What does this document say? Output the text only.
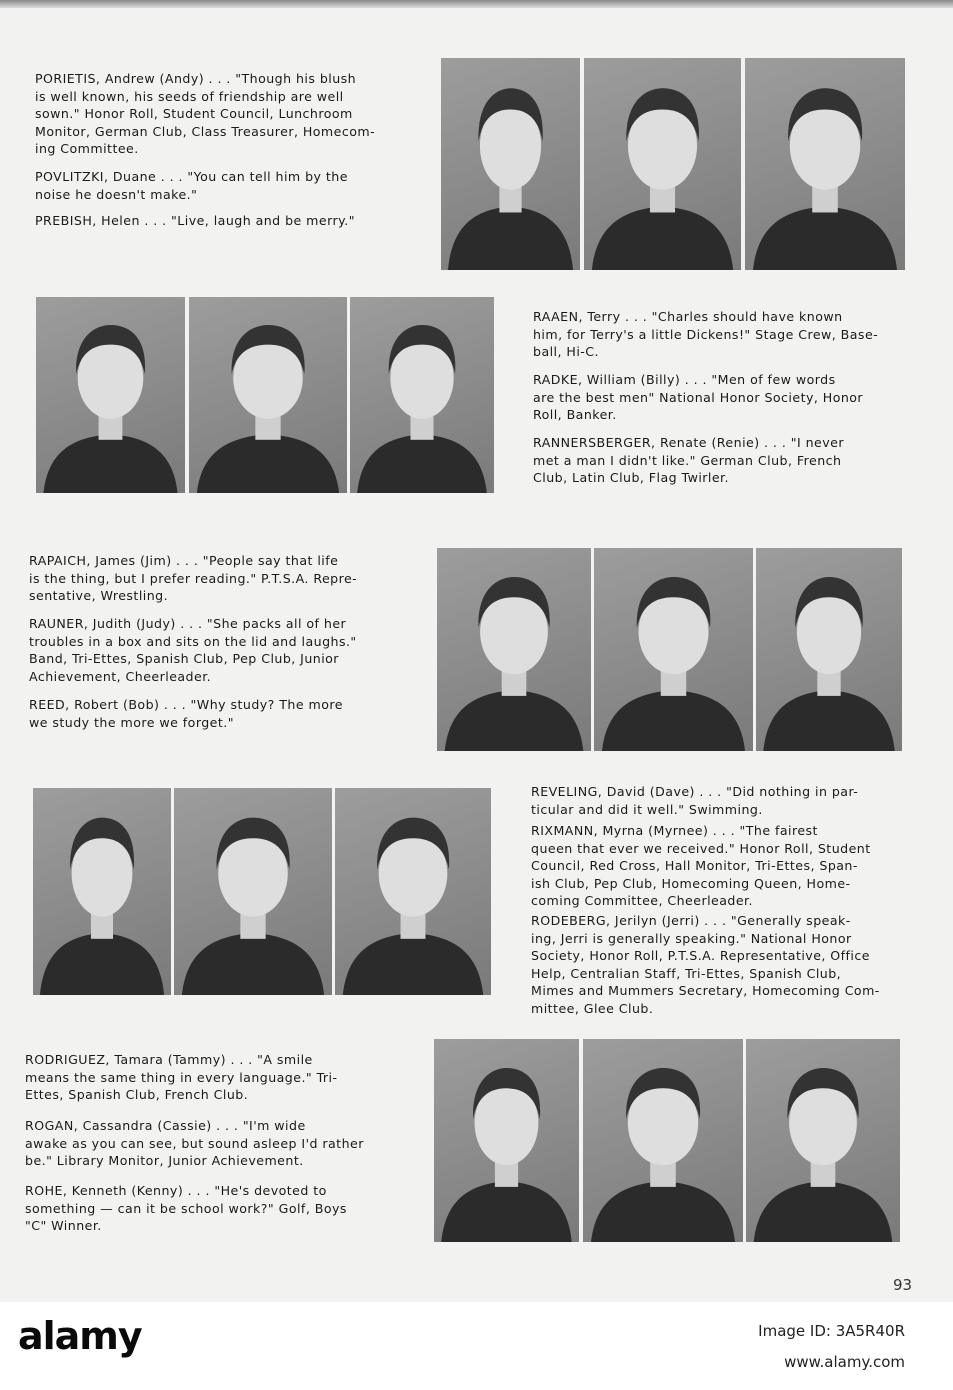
PORIETIS, Andrew (Andy) . . . "Though his blush
is well known, his seeds of friendship are well
sown." Honor Roll, Student Council, Lunchroom
Monitor, German Club, Class Treasurer, Homecom-
ing Committee.
POVLITZKI, Duane . . . "You can tell him by the
noise he doesn't make."
PREBISH, Helen . . . "Live, laugh and be merry."
RAAEN, Terry . . . "Charles should have known
him, for Terry's a little Dickens!" Stage Crew, Base-
ball, Hi-C.
RADKE, William (Billy) . . . "Men of few words
are the best men" National Honor Society, Honor
Roll, Banker.
RANNERSBERGER, Renate (Renie) . . . "I never
met a man I didn't like." German Club, French
Club, Latin Club, Flag Twirler.
RAPAICH, James (Jim) . . . "People say that life
is the thing, but I prefer reading." P.T.S.A. Repre-
sentative, Wrestling.
RAUNER, Judith (Judy) . . . "She packs all of her
troubles in a box and sits on the lid and laughs."
Band, Tri-Ettes, Spanish Club, Pep Club, Junior
Achievement, Cheerleader.
REED, Robert (Bob) . . . "Why study? The more
we study the more we forget."
REVELING, David (Dave) . . . "Did nothing in par-
ticular and did it well." Swimming.
RIXMANN, Myrna (Myrnee) . . . "The fairest
queen that ever we received." Honor Roll, Student
Council, Red Cross, Hall Monitor, Tri-Ettes, Span-
ish Club, Pep Club, Homecoming Queen, Home-
coming Committee, Cheerleader.
RODEBERG, Jerilyn (Jerri) . . . "Generally speak-
ing, Jerri is generally speaking." National Honor
Society, Honor Roll, P.T.S.A. Representative, Office
Help, Centralian Staff, Tri-Ettes, Spanish Club,
Mimes and Mummers Secretary, Homecoming Com-
mittee, Glee Club.
RODRIGUEZ, Tamara (Tammy) . . . "A smile
means the same thing in every language." Tri-
Ettes, Spanish Club, French Club.
ROGAN, Cassandra (Cassie) . . . "I'm wide
awake as you can see, but sound asleep I'd rather
be." Library Monitor, Junior Achievement.
ROHE, Kenneth (Kenny) . . . "He's devoted to
something — can it be school work?" Golf, Boys
"C" Winner.
93
alamy	Image ID: 3A5R40R
www.alamy.com
